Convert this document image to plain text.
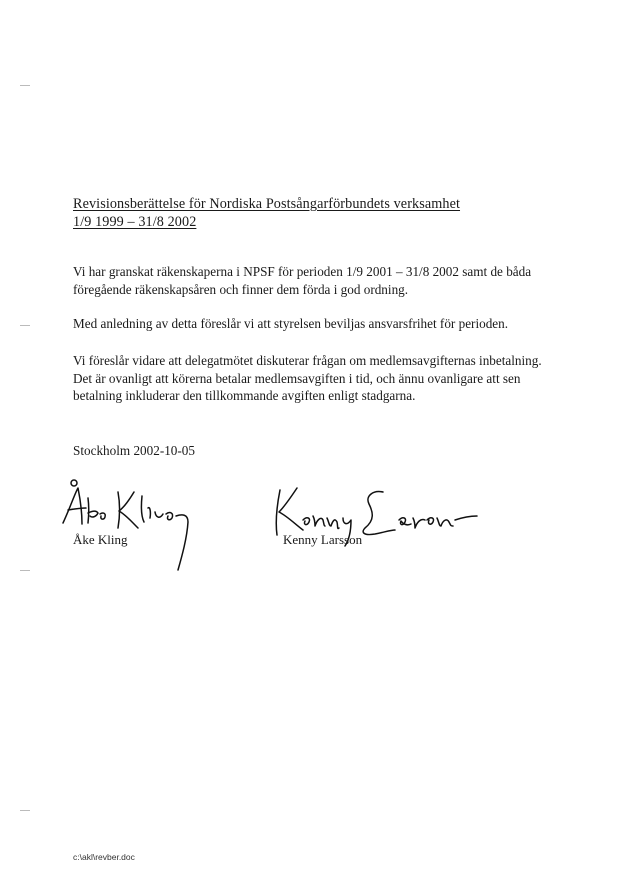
Revisionsberättelse för Nordiska Postsångarförbundets verksamhet
1/9 1999 – 31/8 2002
Vi har granskat räkenskaperna i NPSF för perioden 1/9 2001 – 31/8 2002 samt de båda föregående räkenskapsåren och finner dem förda i god ordning.
Med anledning av detta föreslår vi att styrelsen beviljas ansvarsfrihet för perioden.
Vi föreslår vidare att delegatmötet diskuterar frågan om medlemsavgifternas inbetalning. Det är ovanligt att körerna betalar medlemsavgiften i tid, och ännu ovanligare att sen betalning inkluderar den tillkommande avgiften enligt stadgarna.
Stockholm 2002-10-05
Åke Kling	Kenny Larsson
c:\akl\revber.doc
